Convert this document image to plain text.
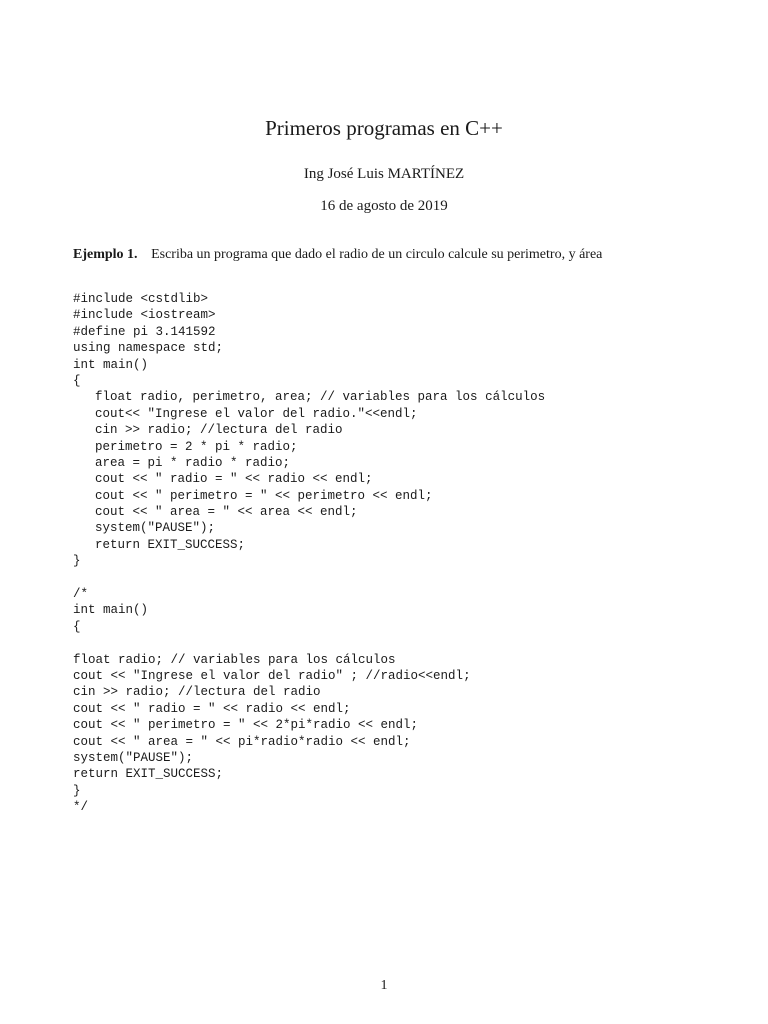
Primeros programas en C++
Ing José Luis MARTÍNEZ
16 de agosto de 2019
Ejemplo 1. Escriba un programa que dado el radio de un circulo calcule su perimetro, y área
#include <cstdlib>
#include <iostream>
#define pi 3.141592
using namespace std;
int main()
{
float radio, perimetro, area; // variables para los cálculos
cout<< "Ingrese el valor del radio."<<endl;
cin >> radio; //lectura del radio
perimetro = 2 * pi * radio;
area = pi * radio * radio;
cout << " radio = " << radio << endl;
cout << " perimetro = " << perimetro << endl;
cout << " area = " << area << endl;
system("PAUSE");
return EXIT_SUCCESS;
}
/*
int main()
{
float radio; // variables para los cálculos
cout << "Ingrese el valor del radio" ; //radio<<endl;
cin >> radio; //lectura del radio
cout << " radio = " << radio << endl;
cout << " perimetro = " << 2*pi*radio << endl;
cout << " area = " << pi*radio*radio << endl;
system("PAUSE");
return EXIT_SUCCESS;
}
*/
1
